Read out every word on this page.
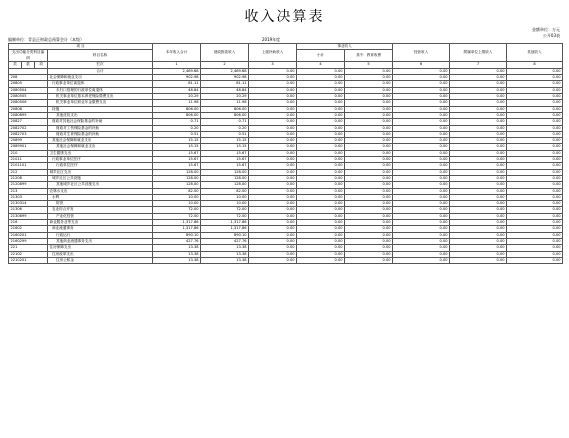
收入决算表
金额单位：万元
公开03表
编制单位：青县正财政总预算会计（本级）	2019年度
项 目				本年收入合计	财政拨款收入	上级补助收入	事业收入		经营收入	附属单位上缴收入	其他收入
支出功能分类科目编码			科目名称				小计	其中：教育收费			

类	款	项	栏次	1	2	3	4	5	6	7	8
			合计	2,489.68	2,489.68	0.00	0.00	0.00	0.00	0.00	0.00
208			社会保障和就业支出	902.98	902.98	0.00	0.00	0.00	0.00	0.00	0.00
20805			行政事业单位离退休	81.11	81.11	0.00	0.00	0.00	0.00	0.00	0.00
2080504			未归口管理的行政单位离退休	48.84	48.84	0.00	0.00	0.00	0.00	0.00	0.00
2080505			机关事业单位基本养老保险缴费支出	20.29	20.29	0.00	0.00	0.00	0.00	0.00	0.00
2080506			机关事业单位职业年金缴费支出	11.98	11.98	0.00	0.00	0.00	0.00	0.00	0.00
20808			抚恤	806.00	806.00	0.00	0.00	0.00	0.00	0.00	0.00
2080899			其他优抚支出	806.00	806.00	0.00	0.00	0.00	0.00	0.00	0.00
20827			财政对其他社会保险基金的补助	0.71	0.71	0.00	0.00	0.00	0.00	0.00	0.00
2082702			财政对工伤保险基金的补助	0.20	0.20	0.00	0.00	0.00	0.00	0.00	0.00
2082703			财政对生育保险基金的补助	0.51	0.51	0.00	0.00	0.00	0.00	0.00	0.00
20899			其他社会保障和就业支出	15.15	15.15	0.00	0.00	0.00	0.00	0.00	0.00
2089901			其他社会保障和就业支出	15.15	15.15	0.00	0.00	0.00	0.00	0.00	0.00
210			卫生健康支出	15.67	15.67	0.00	0.00	0.00	0.00	0.00	0.00
21011			行政事业单位医疗	15.67	15.67	0.00	0.00	0.00	0.00	0.00	0.00
2101101			行政单位医疗	15.67	15.67	0.00	0.00	0.00	0.00	0.00	0.00
212			城乡社区支出	128.00	128.00	0.00	0.00	0.00	0.00	0.00	0.00
21208			城乡社区公共设施	128.00	128.00	0.00	0.00	0.00	0.00	0.00	0.00
2120899			其他城乡社区公共设施支出	128.00	128.00	0.00	0.00	0.00	0.00	0.00	0.00
213			农林水支出	82.00	82.00	0.00	0.00	0.00	0.00	0.00	0.00
21303			水利	10.00	10.00	0.00	0.00	0.00	0.00	0.00	0.00
2130314			防汛	10.00	10.00	0.00	0.00	0.00	0.00	0.00	0.00
21306			农业综合开发	72.00	72.00	0.00	0.00	0.00	0.00	0.00	0.00
2130699			产业化经营	72.00	72.00	0.00	0.00	0.00	0.00	0.00	0.00
216			商业服务业等支出	1,317.86	1,317.86	0.00	0.00	0.00	0.00	0.00	0.00
21602			商业流通事务	1,317.86	1,317.86	0.00	0.00	0.00	0.00	0.00	0.00
2160201			行政运行	890.10	890.10	0.00	0.00	0.00	0.00	0.00	0.00
2160299			其他商业流通事务支出	427.76	427.76	0.00	0.00	0.00	0.00	0.00	0.00
221			住房保障支出	13.38	13.38	0.00	0.00	0.00	0.00	0.00	0.00
22102			住房改革支出	13.38	13.38	0.00	0.00	0.00	0.00	0.00	0.00
2210201			住房公积金	13.38	13.38	0.00	0.00	0.00	0.00	0.00	0.00
